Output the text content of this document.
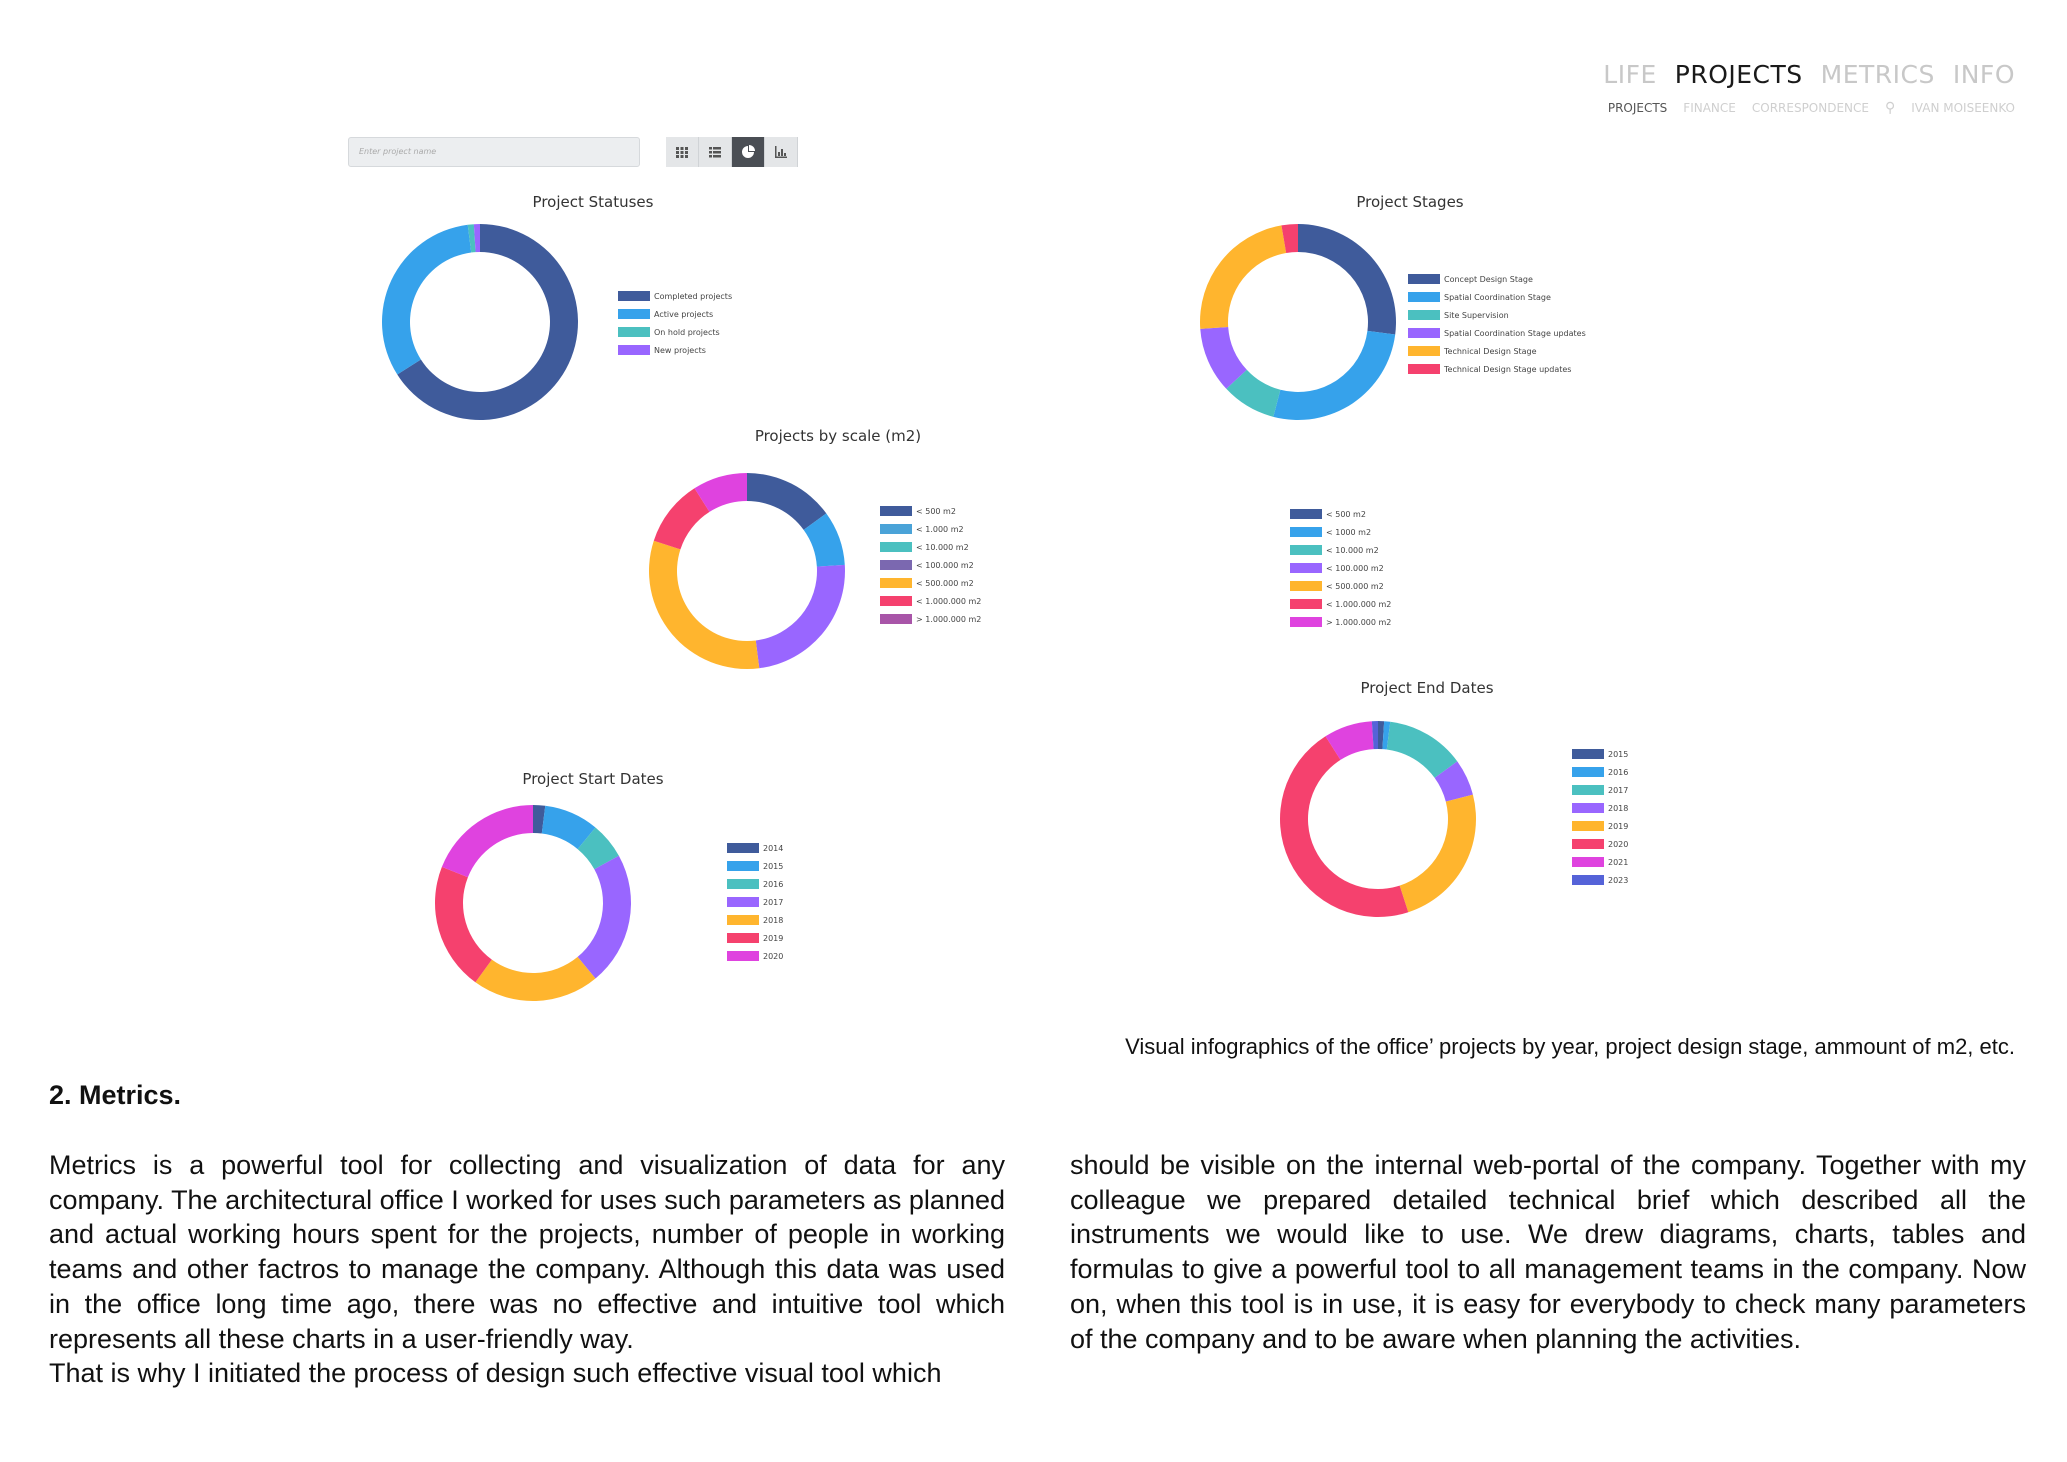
LIFE PROJECTS METRICS INFO
PROJECTS FINANCE CORRESPONDENCE ⚲ IVAN MOISEENKO
Enter project name
Project Statuses
Completed projects
Active projects
On hold projects
New projects
Project Stages
Concept Design Stage
Spatial Coordination Stage
Site Supervision
Spatial Coordination Stage updates
Technical Design Stage
Technical Design Stage updates
Projects by scale (m2)
< 500 m2
< 1.000 m2
< 10.000 m2
< 100.000 m2
< 500.000 m2
< 1.000.000 m2
> 1.000.000 m2
< 500 m2
< 1000 m2
< 10.000 m2
< 100.000 m2
< 500.000 m2
< 1.000.000 m2
> 1.000.000 m2
Project Start Dates
2014
2015
2016
2017
2018
2019
2020
Project End Dates
2015
2016
2017
2018
2019
2020
2021
2023
Visual infographics of the office’ projects by year, project design stage, ammount of m2, etc.
2. Metrics.

Metrics is a powerful tool for collecting and visualization of data for any company. The architectural office I worked for uses such parameters as planned and actual working hours spent for the projects, number of people in working teams and other factros to manage the company. Although this data was used in the office long time ago, there was no effective and intuitive tool which represents all these charts in a user-friendly way.

That is why I initiated the process of design such effective visual tool which

should be visible on the internal web-portal of the company. Together with my colleague we prepared detailed technical brief which described all the instruments we would like to use. We drew diagrams, charts, tables and formulas to give a powerful tool to all management teams in the company. Now on, when this tool is in use, it is easy for everybody to check many parameters of the company and to be aware when planning the activities.
